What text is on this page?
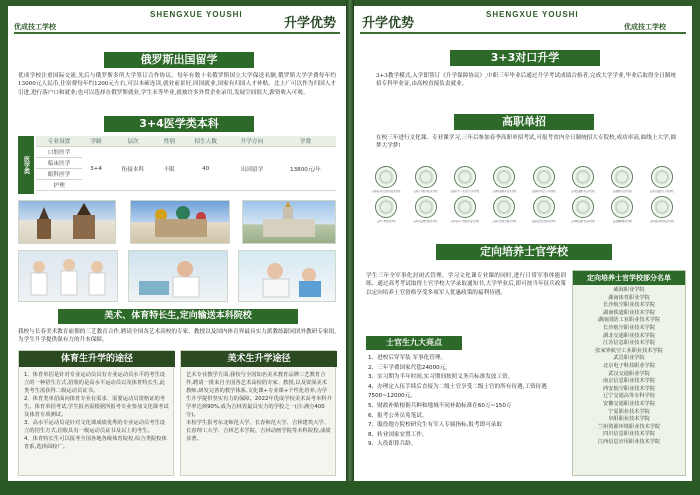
优成技工学校
SHENGXUE YOUSHI
升学优势
俄罗斯出国留学
优成学校注重国际交流,先后与俄罗斯多所大学签订合作协议。每年有数十名俄罗斯国立大学保送名额,俄罗斯大学学费每年约13000元人民币,住宿费每年约1200元左右,可以本硕连读,就业前景好,回国就业,国家有归国人才补贴。北上广可以作为归国人才引进,进行落户口和就业;也可以选择在俄罗斯就业,学生未等毕业,就被许多外贸企业录用,发展空间很大,薪资收入可观。
3+4医学类本科
医学类
专业设置	学制	层次	性别	招生人数	升学方向	学费
口腔医学	3+4	衔接本科	不限	40	出国留学	13800元/年
临床医学						
眼科医学						
护理						
美术、体育特长生,定向输送本科院校
我校与长春美术教育雇佣的三艺教育合作,聘请全国各艺术高校的专家、教授以及国内体育界最具实力派教练跟同团外教研专家组,为学生升学提供强有力的升本保障。
体育生升学的途径
1、体育单招是针对专业运动员具有专业运动员水平的考生设立的一种招生方式,招收的是高水平运动员以及体育特长生,此类考生需获得二级运动员证书。
2、体育类单招面向体育专业有需求、需要运动员资格证的考生。体育单招考试,学生报名需根据所报考专业参加文化课考试及体育专项测试。
3、高水平运动员是针对文化课成绩优秀的专业运动员考生设立的招生方式,招收具有一级运动员证书及以上的考生。
4、体育特长生可以报考全国各地各级体育院校,综合类院校体育系,选择面较广。
美术生升学途径
艺术专业教学方面,我校与全国知名美术教育品牌三艺教育合作,聘请一批来自全国各艺术高校的专家、教授,以及资深美术教师,研发完善的教学体系,文化课+专业课+个性化培养,为学生升学提供坚实有力的保障。2022年优成学校美术高考本科升学率达到90%,成为吉林省最具实力的学校之一(注:满分400分)。
本校学生报考东北师范大学、长春师范大学、吉林建筑大学、长春理工大学、吉林艺术学院、吉林动画学院等本科院校,成绩显著。
升学优势
SHENGXUE YOUSHI
优成技工学校
3+3对口升学
3+3教学模式,入学即签订《升学保障协议》,中职三年毕业后通过升学考试成绩合格者,完成大学学业,毕业后取得全日制统招专科毕业证,由高校直接负责就业。
高职单招
在校三年进行文化课、专业课学习,三年后参加春季高职单招考试,可报考省内全日制统招大专院校,成功率高,曲线上大学,圆梦大学梦!
吉林电子信息职业技术学院	吉林工业职业技术学院	长春汽车工业高等专科学校	吉林铁道职业技术学院	长春医学高等专科学校	吉林交通职业技术学院	长春职业技术学院	长春金融高等专科学校
吉林工程职业学院	吉林司法警官职业学院	吉林农业工程职业技术学院	吉林水利电力职业学院	长春信息技术职业学院	吉林科技职业技术学院	长春健康职业学院	吉林城市职业技术学院
定向培养士官学校
学生三年全军事化封闭式管理、学习文化课专业课的同时,进行日常军事体能训练、通过高考考试取得士官学校大学录取通知书,大学毕业后,即可按当年征兵政策以定向培养士官资格享受多项军人优惠政策的福利待遇。
士官生九大亮点
1、进校后穿军装 军事化管理。
2、三年学费国家代偿24000元。
3、实习期为半年时间,实习期间按照义务兵标准发放工资。
4、办理定入伍手续后直接为二级士官享受二级士官的所有待遇,工资待遇7500~12000元。
5、财政补贴根据兵种和地域不同补助标准在60万~150万
6、报考公务员免笔试。
7、服役地方院校研究生有军人专属指标,报考即可录取
8、转业国家安置工作。
9、入役即算兵龄。
定向培养士官学校部分名单
威海职业学院
湖南体育职业学院
长沙航空职业技术学院
湖南铁道职业技术学院
湖南国防工业职业技术学院
长沙航空职业技术学院
湖北交通职业技术学院
江苏信息职业技术学院
张家界航空工业职业技术学院
武昌职业学院
北京电子科技职业学院
武汉交通职业学院
南京信息职业技术学院
西安航空职业技术学院
辽宁交通高等专科学校
安徽交通职业技术学院
宁夏职业技术学院
阜阳职业技术学院
兰州资源环境职业技术学院
四川信息职业技术学院
江西信息应用职业技术学院
